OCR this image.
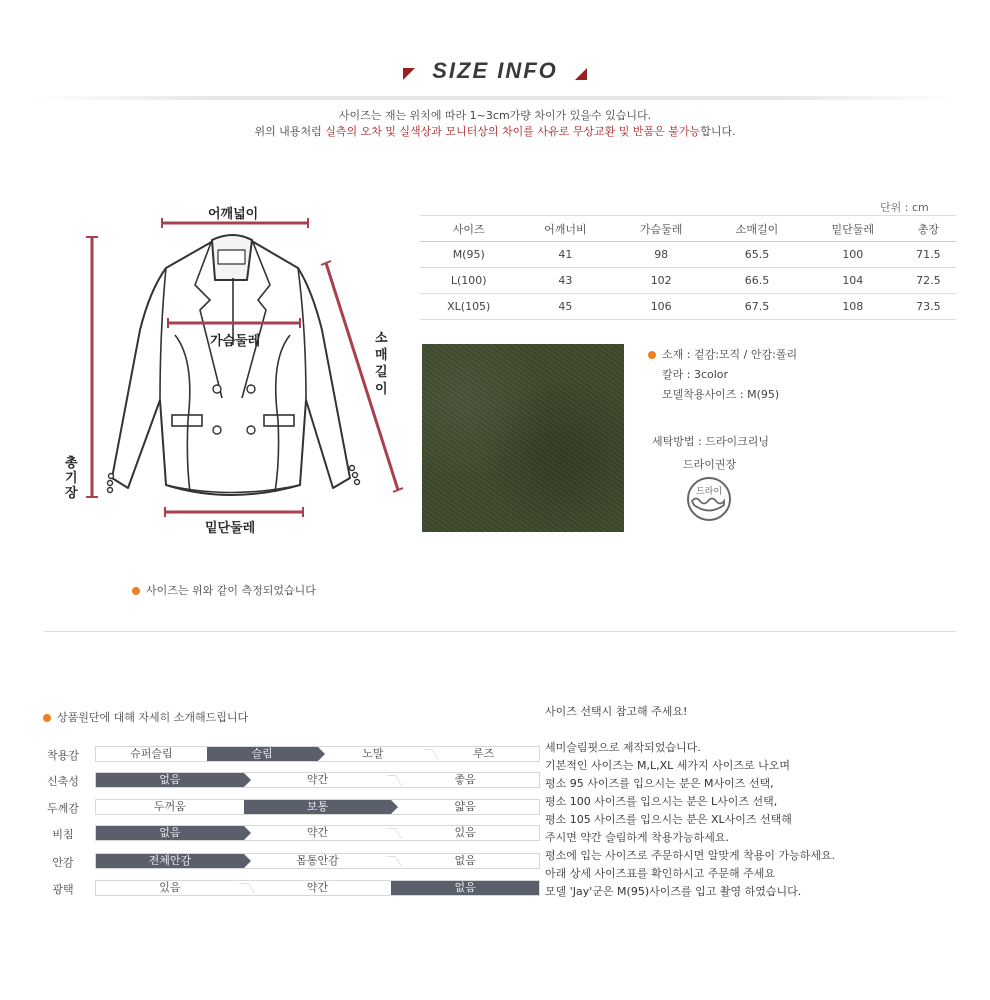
SIZE INFO
사이즈는 재는 위치에 따라 1~3cm가량 차이가 있을수 있습니다.
위의 내용처럼 실측의 오차 및 실색상과 모니터상의 차이를 사유로 무상교환 및 반품은 불가능합니다.
어깨넓이
가슴둘레
밑단둘레
소
매
길
이
총
기
장
사이즈는 위와 같이 측정되었습니다
단위 : cm
사이즈	어깨너비	가슴둘레	소매길이	밑단둘레	총장
M(95)	41	98	65.5	100	71.5
L(100)	43	102	66.5	104	72.5
XL(105)	45	106	67.5	108	73.5
소재 : 겉감:모직 / 안감:폴리
칼라 : 3color
모델착용사이즈 : M(95)
세탁방법 : 드라이크리닝
드라이권장
드라이
상품원단에 대해 자세히 소개해드립니다
착용감	슈퍼슬림	슬림	노말	루즈
신축성	없음	약간	좋음
두께감	두꺼움	보통	얇음
비침	없음	약간	있음
안감	전체안감	몸통안감	없음
광택	있음	약간	없음
사이즈 선택시 참고해 주세요!
세미슬림핏으로 제작되었습니다.
기본적인 사이즈는 M,L,XL 세가지 사이즈로 나오며
평소 95 사이즈를 입으시는 분은 M사이즈 선택,
평소 100 사이즈를 입으시는 분은 L사이즈 선택,
평소 105 사이즈를 입으시는 분은 XL사이즈 선택해
주시면 약간 슬림하게 착용가능하세요.
평소에 입는 사이즈로 주문하시면 알맞게 착용이 가능하세요.
아래 상세 사이즈표를 확인하시고 주문해 주세요
모델 'Jay'군은 M(95)사이즈를 입고 촬영 하였습니다.
